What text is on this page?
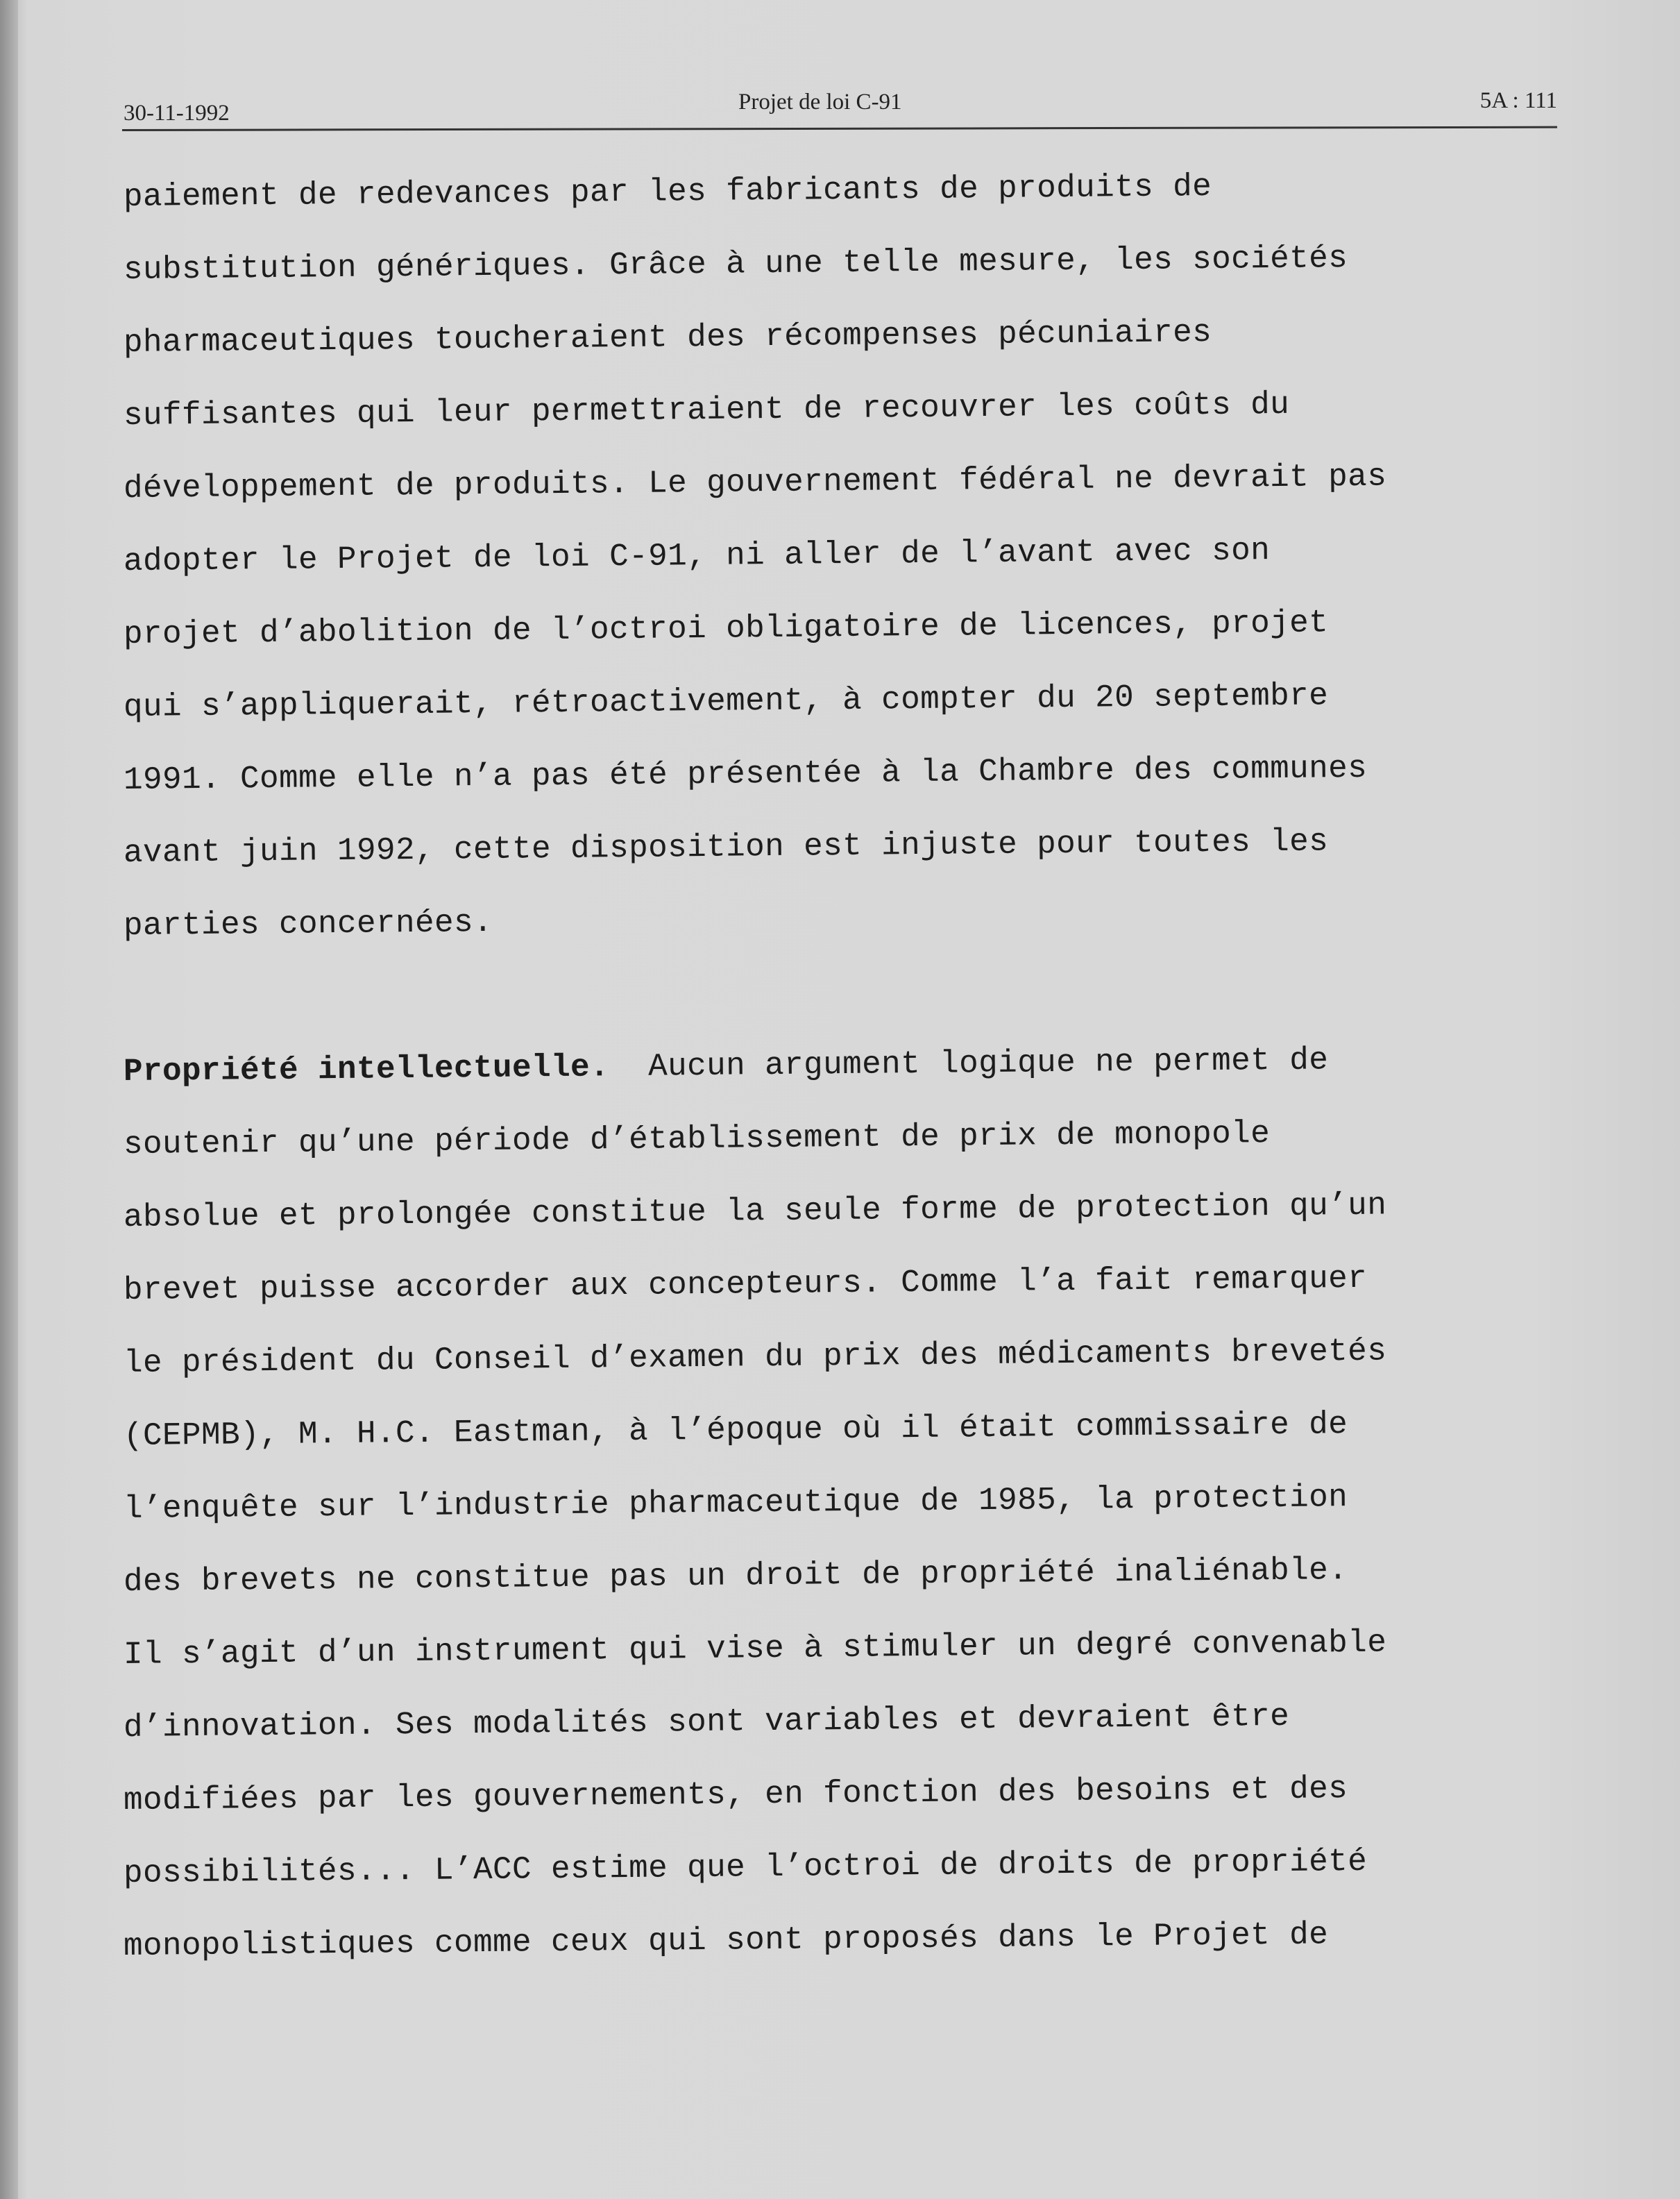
30-11-1992	Projet de loi C-91	5A : 111
paiement de redevances par les fabricants de produits de
substitution génériques. Grâce à une telle mesure, les sociétés
pharmaceutiques toucheraient des récompenses pécuniaires
suffisantes qui leur permettraient de recouvrer les coûts du
développement de produits. Le gouvernement fédéral ne devrait pas
adopter le Projet de loi C-91, ni aller de l’avant avec son
projet d’abolition de l’octroi obligatoire de licences, projet
qui s’appliquerait, rétroactivement, à compter du 20 septembre
1991. Comme elle n’a pas été présentée à la Chambre des communes
avant juin 1992, cette disposition est injuste pour toutes les
parties concernées.
Propriété intellectuelle.  Aucun argument logique ne permet de
soutenir qu’une période d’établissement de prix de monopole
absolue et prolongée constitue la seule forme de protection qu’un
brevet puisse accorder aux concepteurs. Comme l’a fait remarquer
le président du Conseil d’examen du prix des médicaments brevetés
(CEPMB), M. H.C. Eastman, à l’époque où il était commissaire de
l’enquête sur l’industrie pharmaceutique de 1985, la protection
des brevets ne constitue pas un droit de propriété inaliénable.
Il s’agit d’un instrument qui vise à stimuler un degré convenable
d’innovation. Ses modalités sont variables et devraient être
modifiées par les gouvernements, en fonction des besoins et des
possibilités... L’ACC estime que l’octroi de droits de propriété
monopolistiques comme ceux qui sont proposés dans le Projet de
